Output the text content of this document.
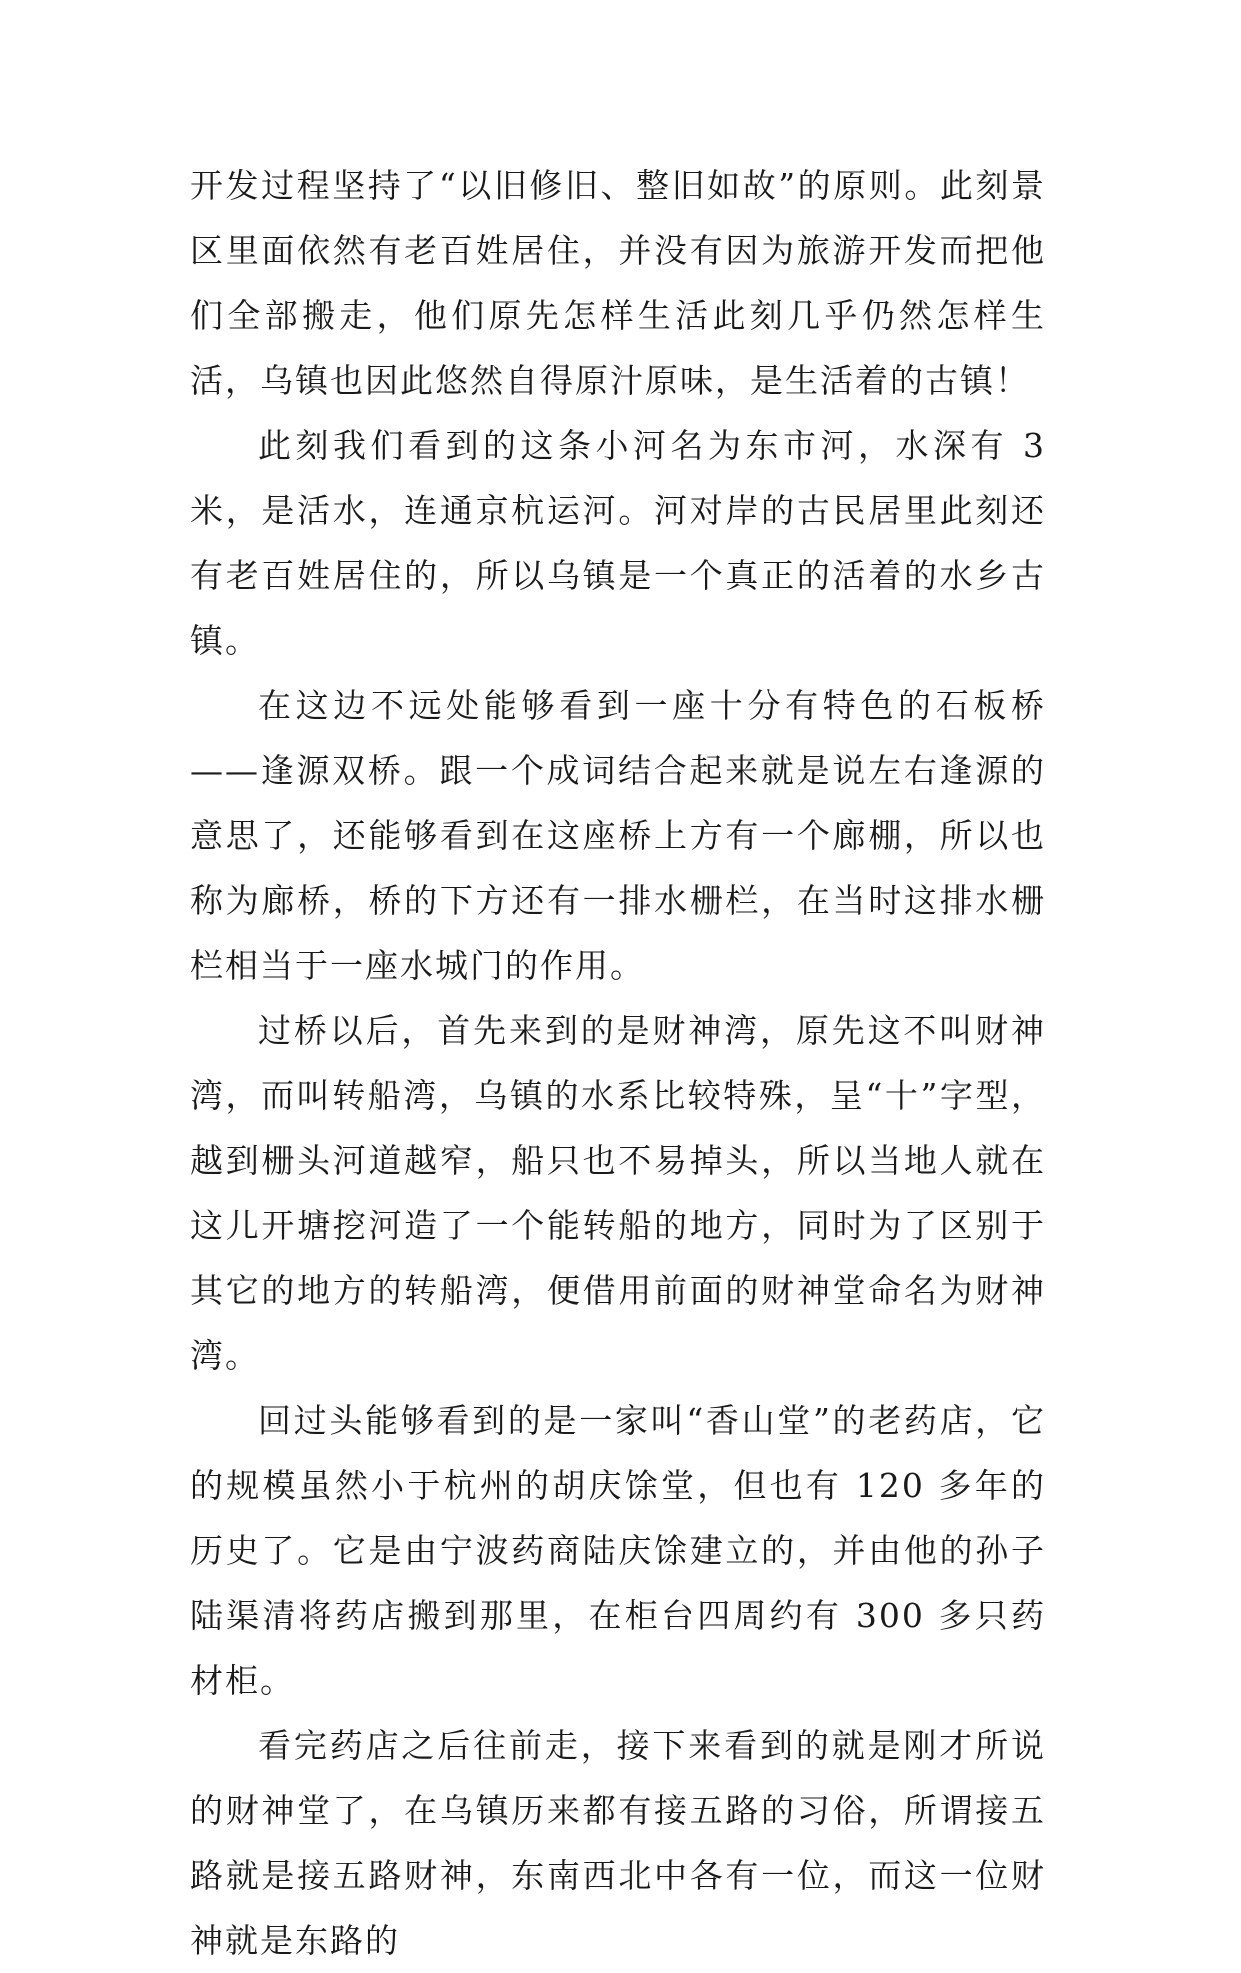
开发过程坚持了“以旧修旧、整旧如故”的原则。此刻景区里面依然有老百姓居住，并没有因为旅游开发而把他们全部搬走，他们原先怎样生活此刻几乎仍然怎样生活，乌镇也因此悠然自得原汁原味，是生活着的古镇！

此刻我们看到的这条小河名为东市河，水深有 3 米，是活水，连通京杭运河。河对岸的古民居里此刻还有老百姓居住的，所以乌镇是一个真正的活着的水乡古镇。

在这边不远处能够看到一座十分有特色的石板桥——逢源双桥。跟一个成词结合起来就是说左右逢源的意思了，还能够看到在这座桥上方有一个廊棚，所以也称为廊桥，桥的下方还有一排水栅栏，在当时这排水栅栏相当于一座水城门的作用。

过桥以后，首先来到的是财神湾，原先这不叫财神湾，而叫转船湾，乌镇的水系比较特殊，呈“十”字型，越到栅头河道越窄，船只也不易掉头，所以当地人就在这儿开塘挖河造了一个能转船的地方，同时为了区别于其它的地方的转船湾，便借用前面的财神堂命名为财神湾。

回过头能够看到的是一家叫“香山堂”的老药店，它的规模虽然小于杭州的胡庆馀堂，但也有 120 多年的历史了。它是由宁波药商陆庆馀建立的，并由他的孙子陆渠清将药店搬到那里，在柜台四周约有 300 多只药材柜。

看完药店之后往前走，接下来看到的就是刚才所说的财神堂了，在乌镇历来都有接五路的习俗，所谓接五路就是接五路财神，东南西北中各有一位，而这一位财神就是东路的
